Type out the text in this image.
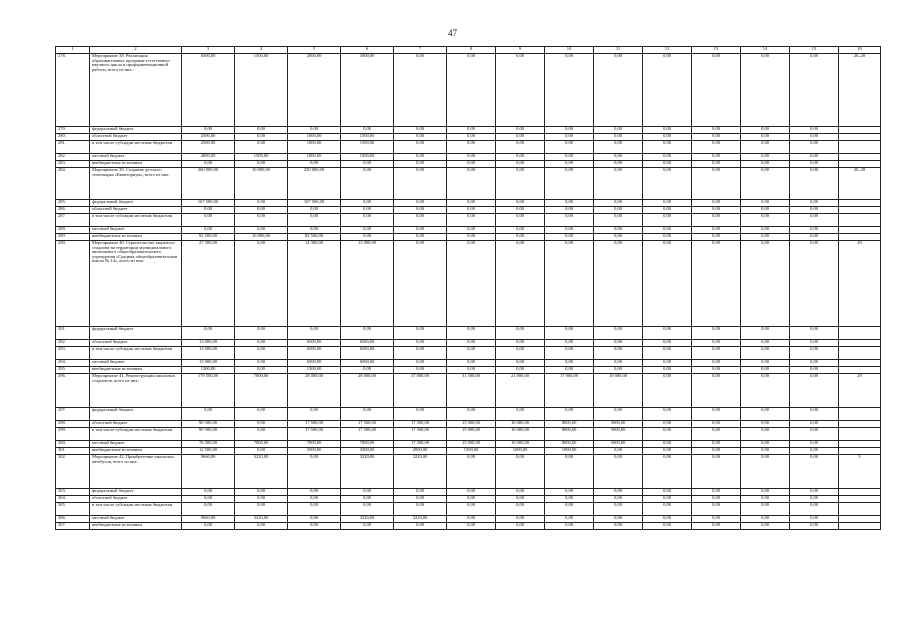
47
1	2	3	4	5	6	7	8	9	10	11	12	13	14	15	16
278.	Мероприятие 38. Реализация образовательных программ естественно-научного цикла и профориентационной работы, всего из них:	6500,00	1500,00	2000,00	3000,00	0,00	0,00	0,00	0,00	0,00	0,00	0,00	0,00	0,00	26–28
279.	федеральный бюджет	0,00	0,00	0,00	0,00	0,00	0,00	0,00	0,00	0,00	0,00	0,00	0,00	0,00	
280.	областной бюджет	2500,00	0,00	1000,00	1500,00	0,00	0,00	0,00	0,00	0,00	0,00	0,00	0,00	0,00	
281.	в том числе субсидии местным бюджетам	2500,00	0,00	1000,00	1500,00	0,00	0,00	0,00	0,00	0,00	0,00	0,00	0,00	0,00	
282.	местный бюджет	4000,00	1500,00	1000,00	1500,00	0,00	0,00	0,00	0,00	0,00	0,00	0,00	0,00	0,00	
283.	внебюджетные источники	0,00	0,00	0,00	0,00	0,00	0,00	0,00	0,00	0,00	0,00	0,00	0,00	0,00	
284.	Мероприятие 39. Создание детского технопарка «Кванториум», всего из них:	260 000,00	10 000,00	250 000,00	0,00	0,00	0,00	0,00	0,00	0,00	0,00	0,00	0,00	0,00	26–28
285.	федеральный бюджет	167 500,00	0,00	167 500,00	0,00	0,00	0,00	0,00	0,00	0,00	0,00	0,00	0,00	0,00	
286.	областной бюджет	0,00	0,00	0,00	0,00	0,00	0,00	0,00	0,00	0,00	0,00	0,00	0,00	0,00	
287.	в том числе субсидии местным бюджетам	0,00	0,00	0,00	0,00	0,00	0,00	0,00	0,00	0,00	0,00	0,00	0,00	0,00	
288.	местный бюджет	0,00	0,00	0,00	0,00	0,00	0,00	0,00	0,00	0,00	0,00	0,00	0,00	0,00	
289.	внебюджетные источники	92 500,00	10 000,00	82 500,00	0,00	0,00	0,00	0,00	0,00	0,00	0,00	0,00	0,00	0,00	
290.	Мероприятие 40. Строительство закрытого стадиона на территории муниципального автономного общеобразовательного учреждения «Средняя общеобразовательная школа № 14», всего из них:	27 300,00	0,00	14 300,00	13 000,00	0,00	0,00	0,00	0,00	0,00	0,00	0,00	0,00	0,00	29
291.	федеральный бюджет	0,00	0,00	0,00	0,00	0,00	0,00	0,00	0,00	0,00	0,00	0,00	0,00	0,00	
292.	областной бюджет	13 000,00	0,00	6500,00	6500,00	0,00	0,00	0,00	0,00	0,00	0,00	0,00	0,00	0,00	
293.	в том числе субсидии местным бюджетам	13 000,00	0,00	6500,00	6500,00	0,00	0,00	0,00	0,00	0,00	0,00	0,00	0,00	0,00	
294.	местный бюджет	13 000,00	0,00	6500,00	6500,00	0,00	0,00	0,00	0,00	0,00	0,00	0,00	0,00	0,00	
295.	внебюджетные источники	1300,00	0,00	1300,00	0,00	0,00	0,00	0,00	0,00	0,00	0,00	0,00	0,00	0,00	
296.	Мероприятие 41. Реконструкция школьных стадионов, всего из них:	179 500,00	7000,00	28 000,00	28 000,00	37 000,00	31 500,00	21 000,00	17 000,00	10 000,00	0,00	0,00	0,00	0,00	29
297.	федеральный бюджет	0,00	0,00	0,00	0,00	0,00	0,00	0,00	0,00	0,00	0,00	0,00	0,00	0,00	
298.	областной бюджет	90 500,00	0,00	17 500,00	17 500,00	17 500,00	15 000,00	10 000,00	8000,00	5000,00	0,00	0,00	0,00	0,00	
299.	в том числе субсидии местным бюджетам	90 500,00	0,00	17 500,00	17 500,00	17 500,00	15 000,00	10 000,00	8000,00	5000,00	0,00	0,00	0,00	0,00	
300.	местный бюджет	76 500,00	7000,00	7000,00	7000,00	17 500,00	15 000,00	10 000,00	8000,00	5000,00	0,00	0,00	0,00	0,00	
301.	внебюджетные источники	12 500,00	0,00	3500,00	3500,00	2000,00	1500,00	1000,00	1000,00	0,00	0,00	0,00	0,00	0,00	
302.	Мероприятие 42. Приобретение школьных автобусов, всего из них:	9660,00	3220,00	0,00	3220,00	3220,00	0,00	0,00	0,00	0,00	0,00	0,00	0,00	0,00	9
303.	федеральный бюджет	0,00	0,00	0,00	0,00	0,00	0,00	0,00	0,00	0,00	0,00	0,00	0,00	0,00	
304.	областной бюджет	0,00	0,00	0,00	0,00	0,00	0,00	0,00	0,00	0,00	0,00	0,00	0,00	0,00	
305.	в том числе субсидии местным бюджетам	0,00	0,00	0,00	0,00	0,00	0,00	0,00	0,00	0,00	0,00	0,00	0,00	0,00	
306.	местный бюджет	9660,00	3220,00	0,00	3220,00	3220,00	0,00	0,00	0,00	0,00	0,00	0,00	0,00	0,00	
307.	внебюджетные источники	0,00	0,00	0,00	0,00	0,00	0,00	0,00	0,00	0,00	0,00	0,00	0,00	0,00	
